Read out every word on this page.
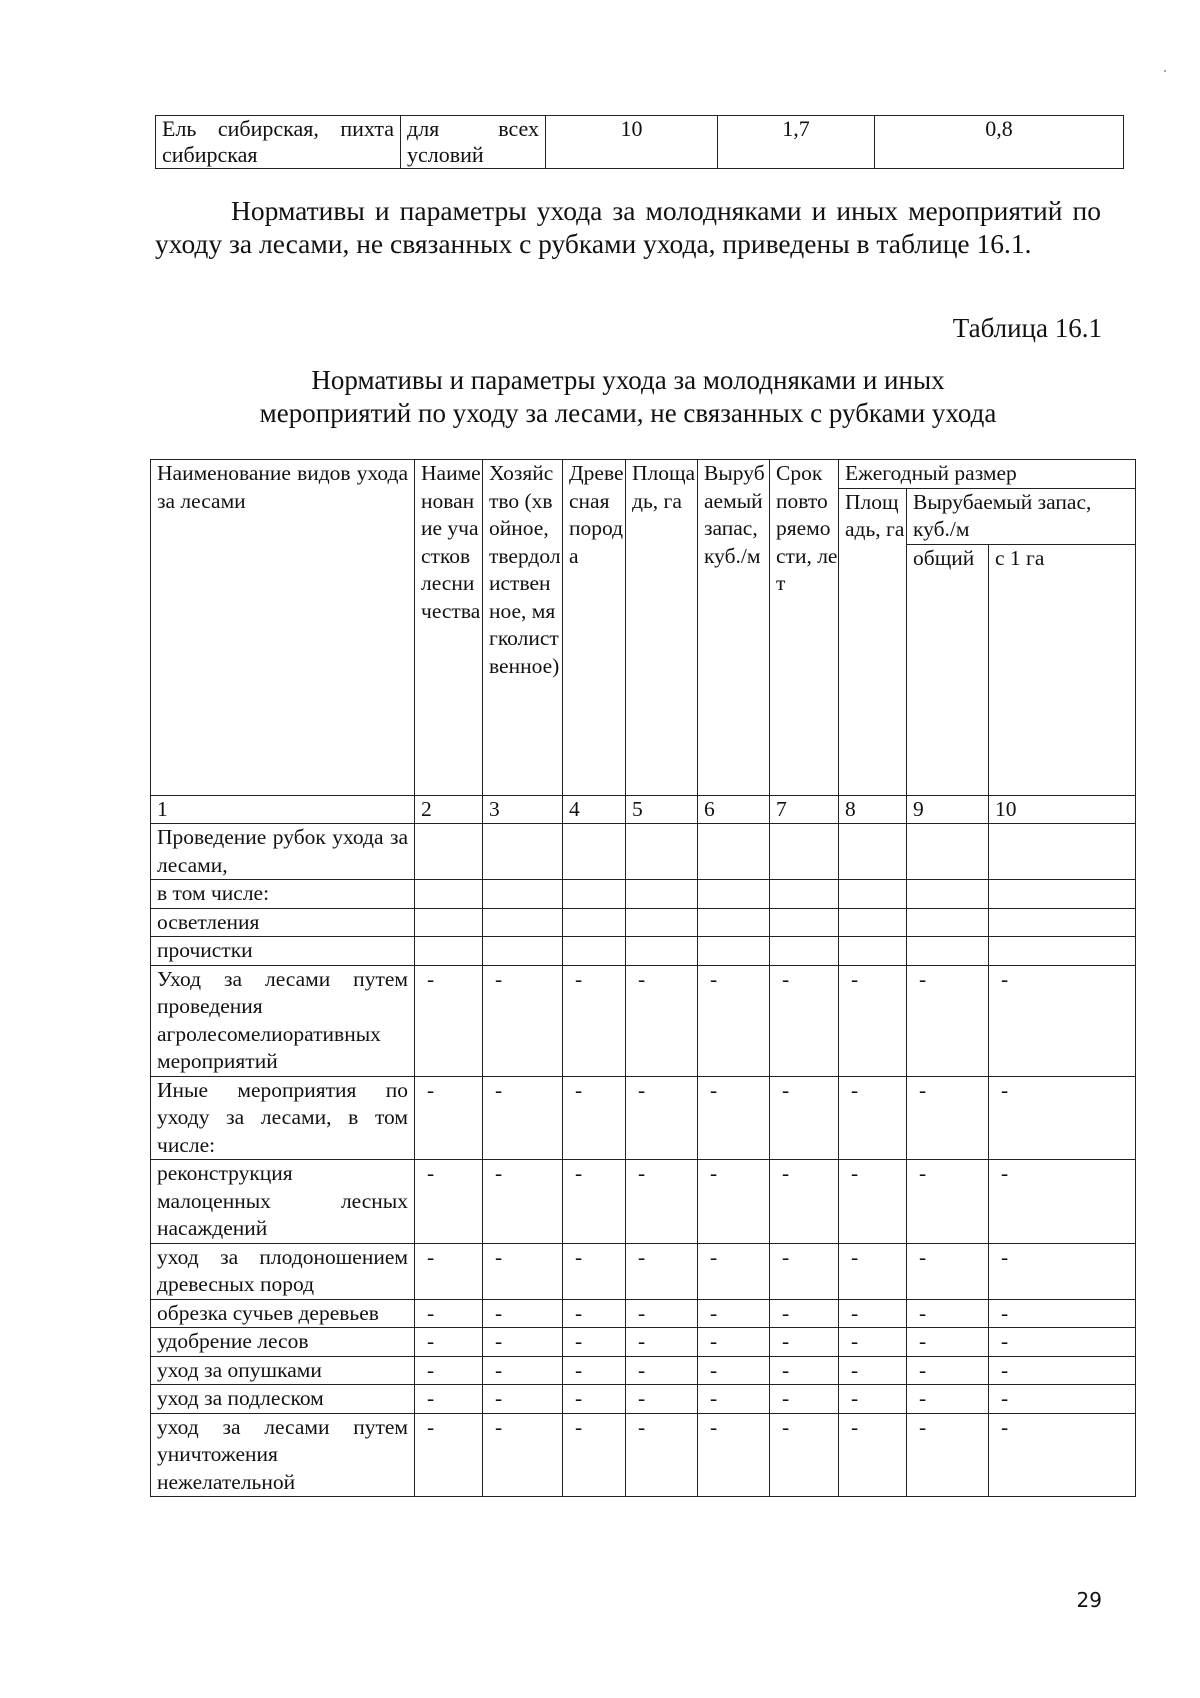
Ель сибирская, пихта сибирская	для всех условий	10	1,7	0,8
Нормативы и параметры ухода за молодняками и иных мероприятий по уходу за лесами, не связанных с рубками ухода, приведены в таблице 16.1.
Таблица 16.1
Нормативы и параметры ухода за молодняками и иных
мероприятий по уходу за лесами, не связанных с рубками ухода
Наименование видов ухода за лесами	Наименование участков лесничества	Хозяйство (хвойное, твердолиственное, мягколиственное)	Древесная порода	Площадь, га	Вырубаемый запас, куб./м	Срок повторяемости, лет	Ежегодный размер		
							Площадь, га	Вырубаемый запас, куб./м	
								общий	с 1 га
1	2	3	4	5	6	7	8	9	10
Проведение рубок ухода за лесами,									
в том числе:									
осветления									
прочистки									
Уход за лесами путем проведения агролесомелиоративных мероприятий	-	-	-	-	-	-	-	-	-
Иные мероприятия по уходу за лесами, в том числе:	-	-	-	-	-	-	-	-	-
реконструкция малоценных лесных насаждений	-	-	-	-	-	-	-	-	-
уход за плодоношением древесных пород	-	-	-	-	-	-	-	-	-
обрезка сучьев деревьев	-	-	-	-	-	-	-	-	-
удобрение лесов	-	-	-	-	-	-	-	-	-
уход за опушками	-	-	-	-	-	-	-	-	-
уход за подлеском	-	-	-	-	-	-	-	-	-
уход за лесами путем уничтожения нежелательной	-	-	-	-	-	-	-	-	-
29
